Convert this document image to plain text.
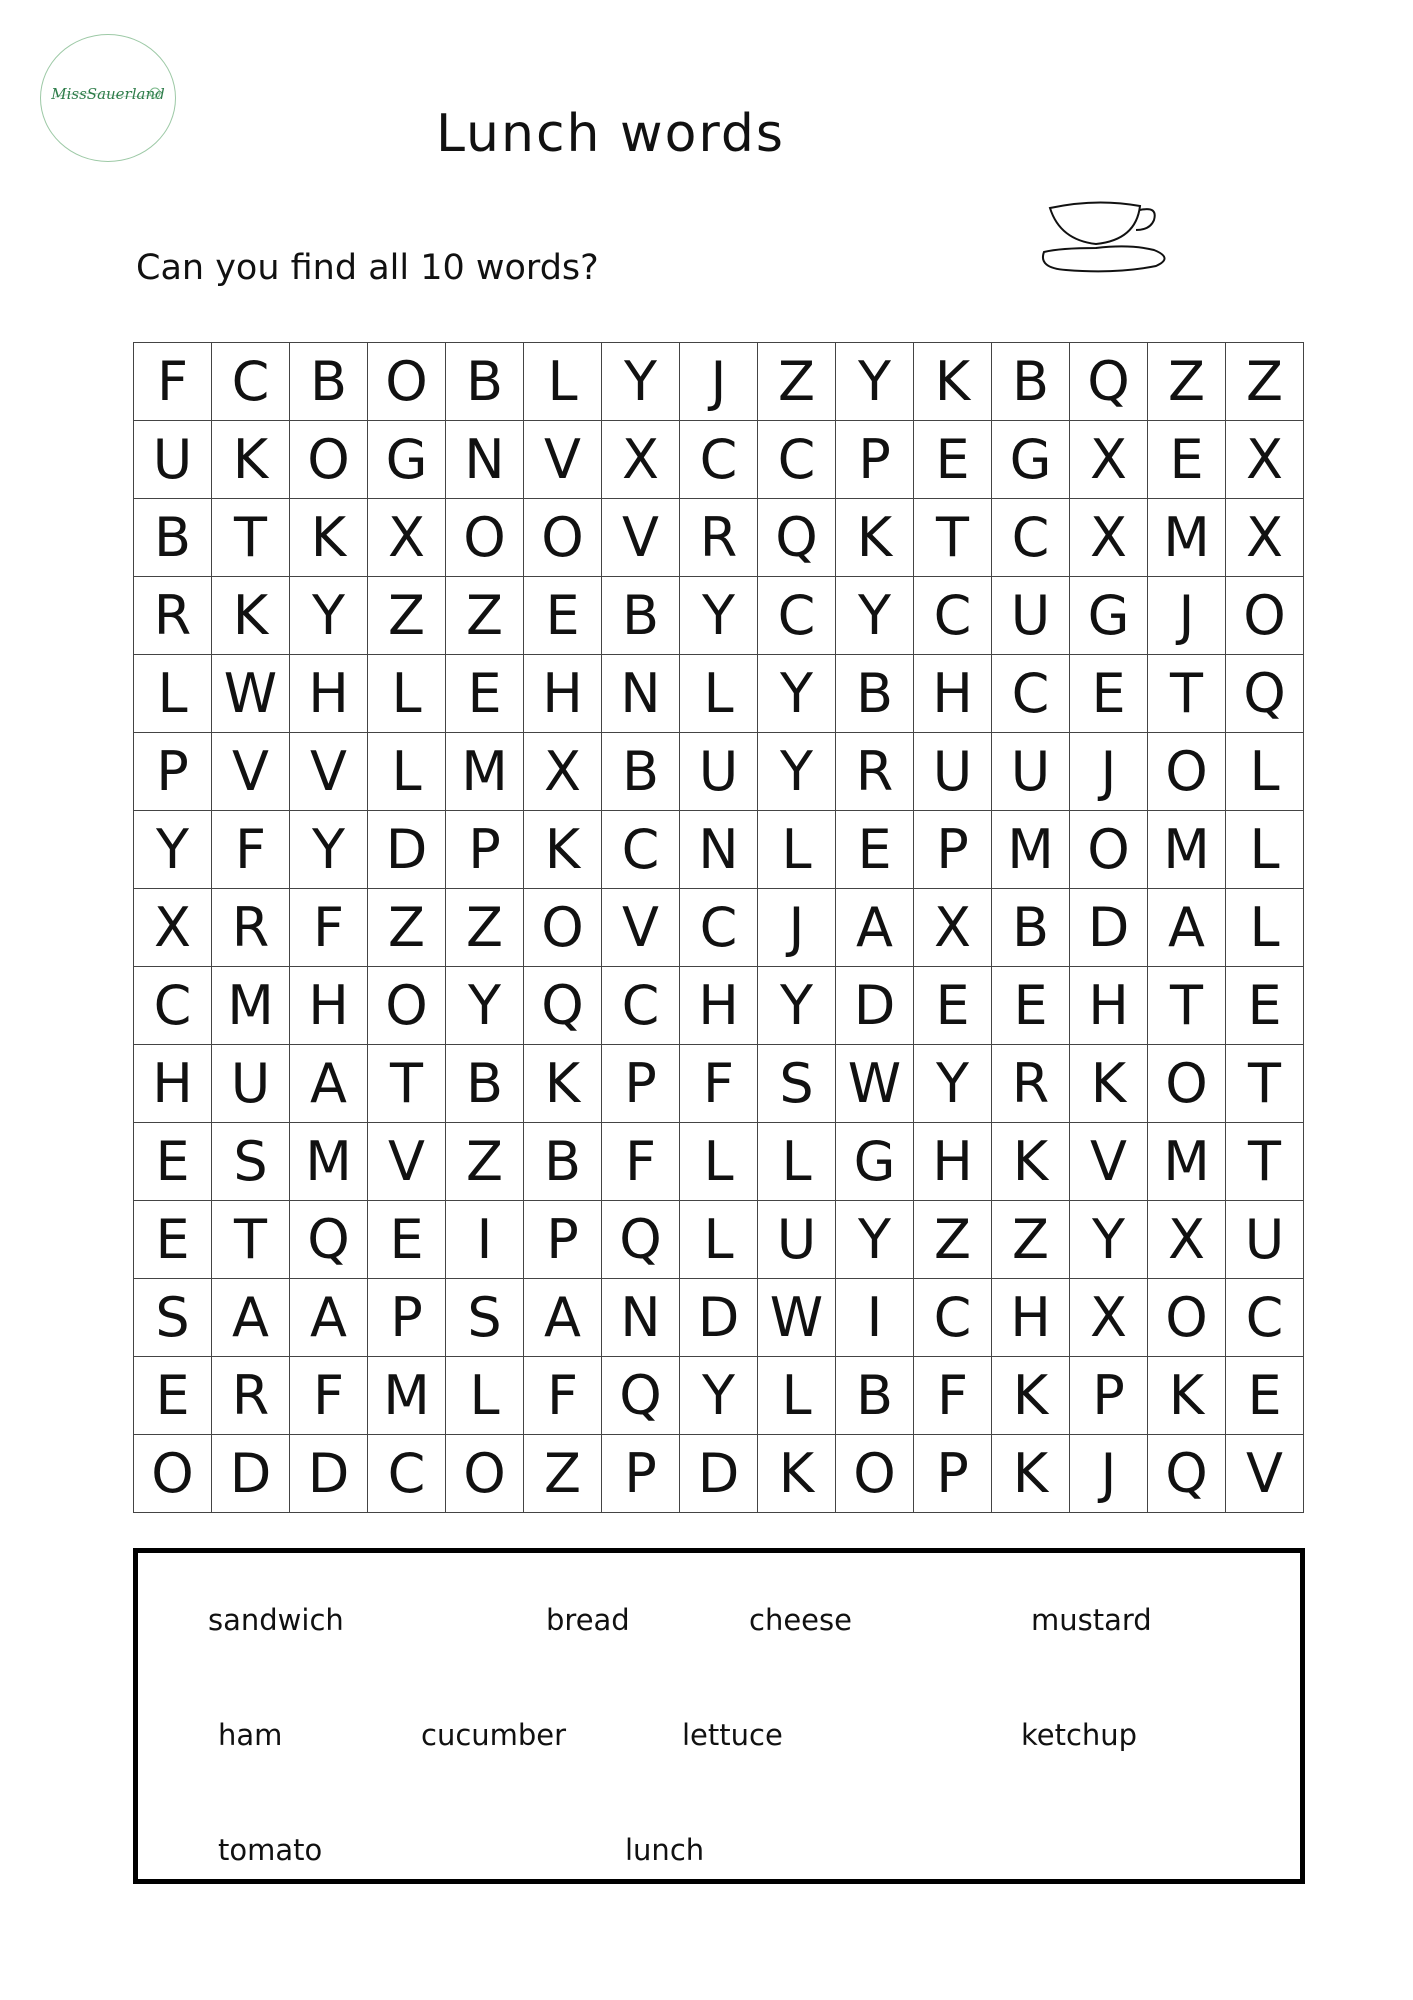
MissSauerland
Lunch words
Can you find all 10 words?
F	C	B	O	B	L	Y	J	Z	Y	K	B	Q	Z	Z
U	K	O	G	N	V	X	C	C	P	E	G	X	E	X
B	T	K	X	O	O	V	R	Q	K	T	C	X	M	X
R	K	Y	Z	Z	E	B	Y	C	Y	C	U	G	J	O
L	W	H	L	E	H	N	L	Y	B	H	C	E	T	Q
P	V	V	L	M	X	B	U	Y	R	U	U	J	O	L
Y	F	Y	D	P	K	C	N	L	E	P	M	O	M	L
X	R	F	Z	Z	O	V	C	J	A	X	B	D	A	L
C	M	H	O	Y	Q	C	H	Y	D	E	E	H	T	E
H	U	A	T	B	K	P	F	S	W	Y	R	K	O	T
E	S	M	V	Z	B	F	L	L	G	H	K	V	M	T
E	T	Q	E	I	P	Q	L	U	Y	Z	Z	Y	X	U
S	A	A	P	S	A	N	D	W	I	C	H	X	O	C
E	R	F	M	L	F	Q	Y	L	B	F	K	P	K	E
O	D	D	C	O	Z	P	D	K	O	P	K	J	Q	V
sandwich	bread	cheese	mustard
ham	cucumber	lettuce	ketchup
tomato	lunch
